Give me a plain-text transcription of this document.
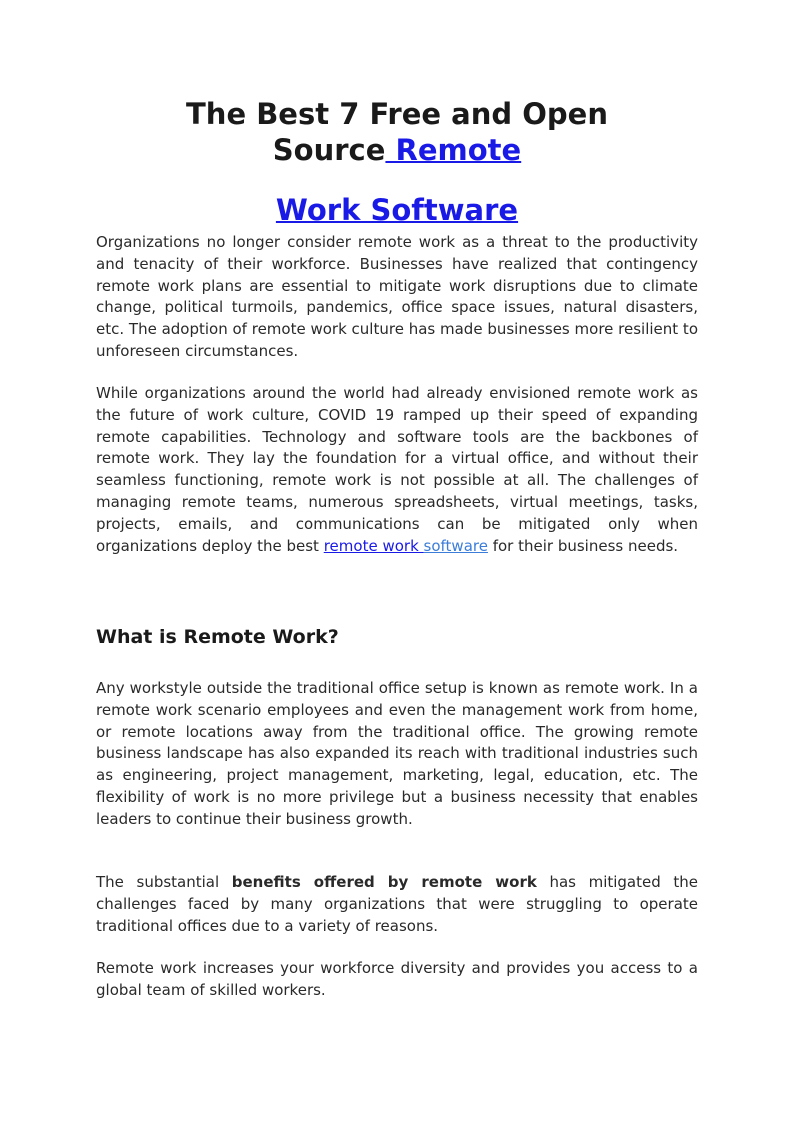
The Best 7 Free and Open
Source Remote
Work Software

Organizations no longer consider remote work as a threat to the productivity and tenacity of their workforce. Businesses have realized that contingency remote work plans are essential to mitigate work disruptions due to climate change, political turmoils, pandemics, office space issues, natural disasters, etc. The adoption of remote work culture has made businesses more resilient to unforeseen circumstances.

While organizations around the world had already envisioned remote work as the future of work culture, COVID 19 ramped up their speed of expanding remote capabilities. Technology and software tools are the backbones of remote work. They lay the foundation for a virtual office, and without their seamless functioning, remote work is not possible at all. The challenges of managing remote teams, numerous spreadsheets, virtual meetings, tasks, projects, emails, and communications can be mitigated only when organizations deploy the best remote work software for their business needs.

What is Remote Work?

Any workstyle outside the traditional office setup is known as remote work. In a remote work scenario employees and even the management work from home, or remote locations away from the traditional office. The growing remote business landscape has also expanded its reach with traditional industries such as engineering, project management, marketing, legal, education, etc. The flexibility of work is no more privilege but a business necessity that enables leaders to continue their business growth.

The substantial benefits offered by remote work has mitigated the challenges faced by many organizations that were struggling to operate traditional offices due to a variety of reasons.

Remote work increases your workforce diversity and provides you access to a global team of skilled workers.
